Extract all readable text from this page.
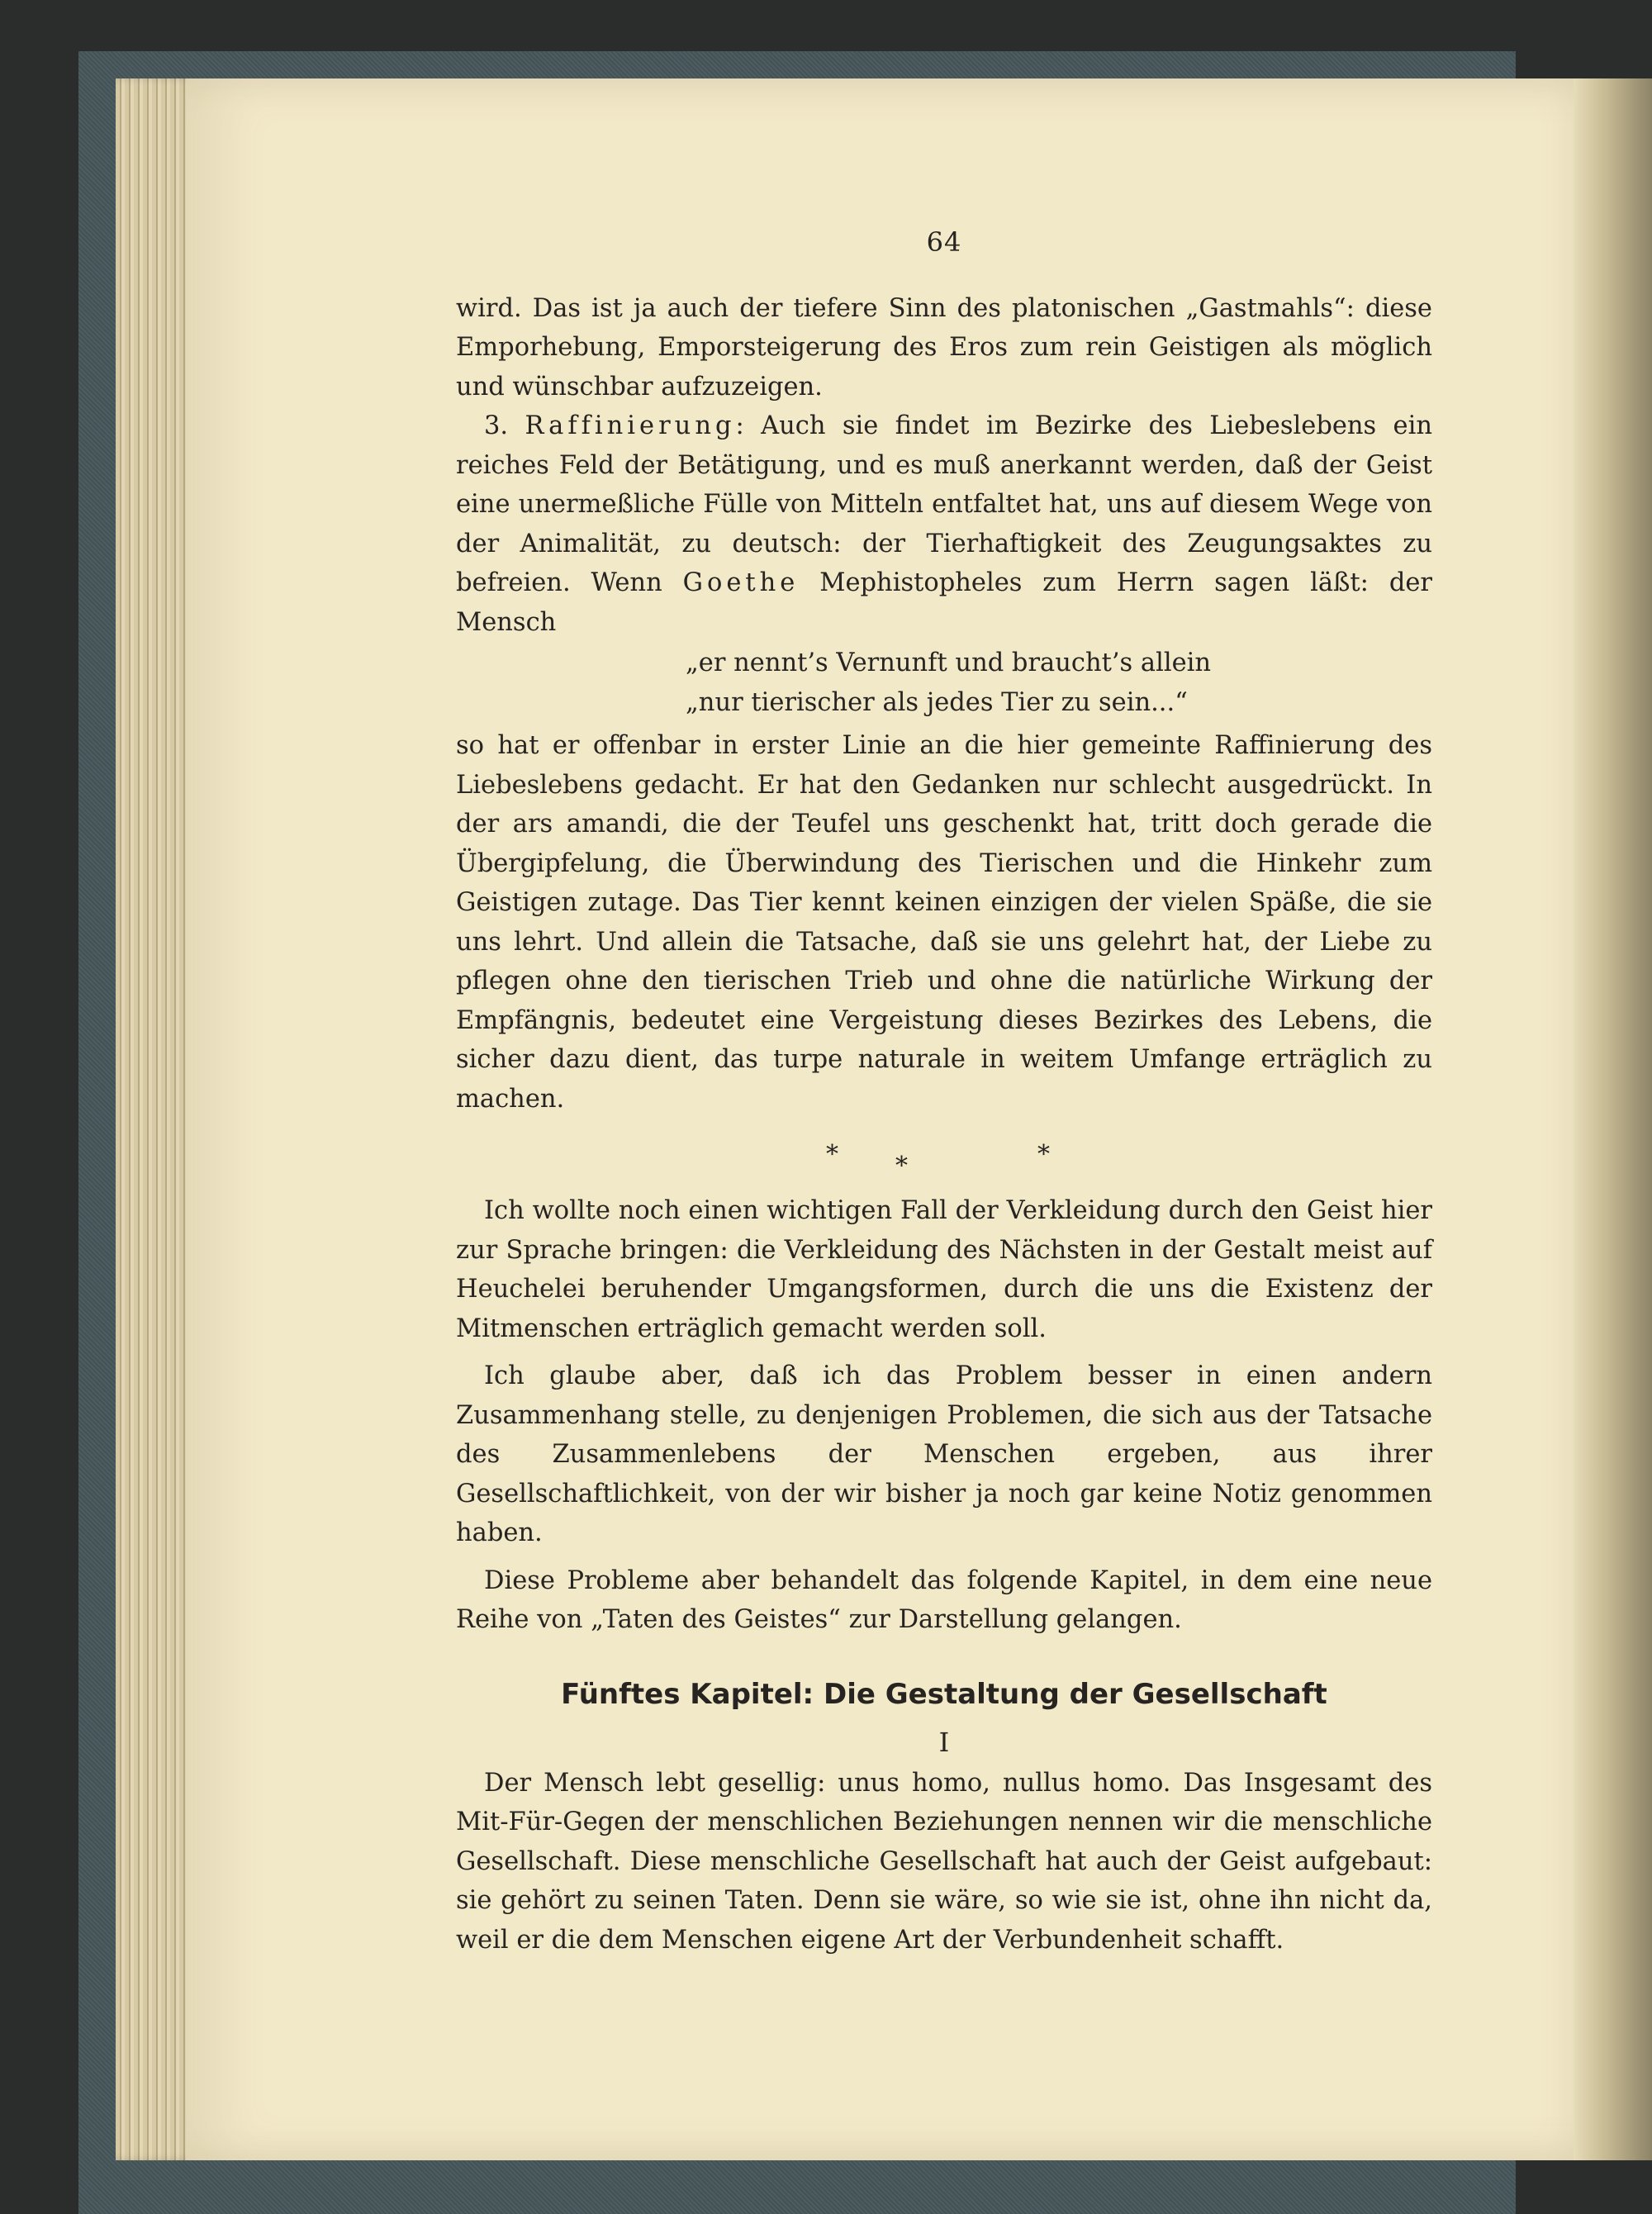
64

wird. Das ist ja auch der tiefere Sinn des platonischen „Gastmahls“: diese Emporhebung, Emporsteigerung des Eros zum rein Geistigen als möglich und wünschbar aufzuzeigen.

3. Raffinierung: Auch sie findet im Bezirke des Liebeslebens ein reiches Feld der Betätigung, und es muß anerkannt werden, daß der Geist eine unermeßliche Fülle von Mitteln entfaltet hat, uns auf diesem Wege von der Animalität, zu deutsch: der Tierhaftigkeit des Zeugungsaktes zu befreien. Wenn Goethe Mephistopheles zum Herrn sagen läßt: der Mensch

„er nennt’s Vernunft und braucht’s allein
„nur tierischer als jedes Tier zu sein...“

so hat er offenbar in erster Linie an die hier gemeinte Raffinierung des Liebeslebens gedacht. Er hat den Gedanken nur schlecht ausgedrückt. In der ars amandi, die der Teufel uns geschenkt hat, tritt doch gerade die Übergipfelung, die Überwindung des Tierischen und die Hinkehr zum Geistigen zutage. Das Tier kennt keinen einzigen der vielen Späße, die sie uns lehrt. Und allein die Tatsache, daß sie uns gelehrt hat, der Liebe zu pflegen ohne den tierischen Trieb und ohne die natürliche Wirkung der Empfängnis, bedeutet eine Vergeistung dieses Bezirkes des Lebens, die sicher dazu dient, das turpe naturale in weitem Umfange erträglich zu machen.

* *	*

Ich wollte noch einen wichtigen Fall der Verkleidung durch den Geist hier zur Sprache bringen: die Verkleidung des Nächsten in der Gestalt meist auf Heuchelei beruhender Umgangsformen, durch die uns die Existenz der Mitmenschen erträglich gemacht werden soll.

Ich glaube aber, daß ich das Problem besser in einen andern Zusammenhang stelle, zu denjenigen Problemen, die sich aus der Tatsache des Zusammenlebens der Menschen ergeben, aus ihrer Gesellschaftlichkeit, von der wir bisher ja noch gar keine Notiz genommen haben.

Diese Probleme aber behandelt das folgende Kapitel, in dem eine neue Reihe von „Taten des Geistes“ zur Darstellung gelangen.

Fünftes Kapitel: Die Gestaltung der Gesellschaft
I

Der Mensch lebt gesellig: unus homo, nullus homo. Das Insgesamt des Mit-Für-Gegen der menschlichen Beziehungen nennen wir die menschliche Gesellschaft. Diese menschliche Gesellschaft hat auch der Geist aufgebaut: sie gehört zu seinen Taten. Denn sie wäre, so wie sie ist, ohne ihn nicht da, weil er die dem Menschen eigene Art der Verbundenheit schafft.
